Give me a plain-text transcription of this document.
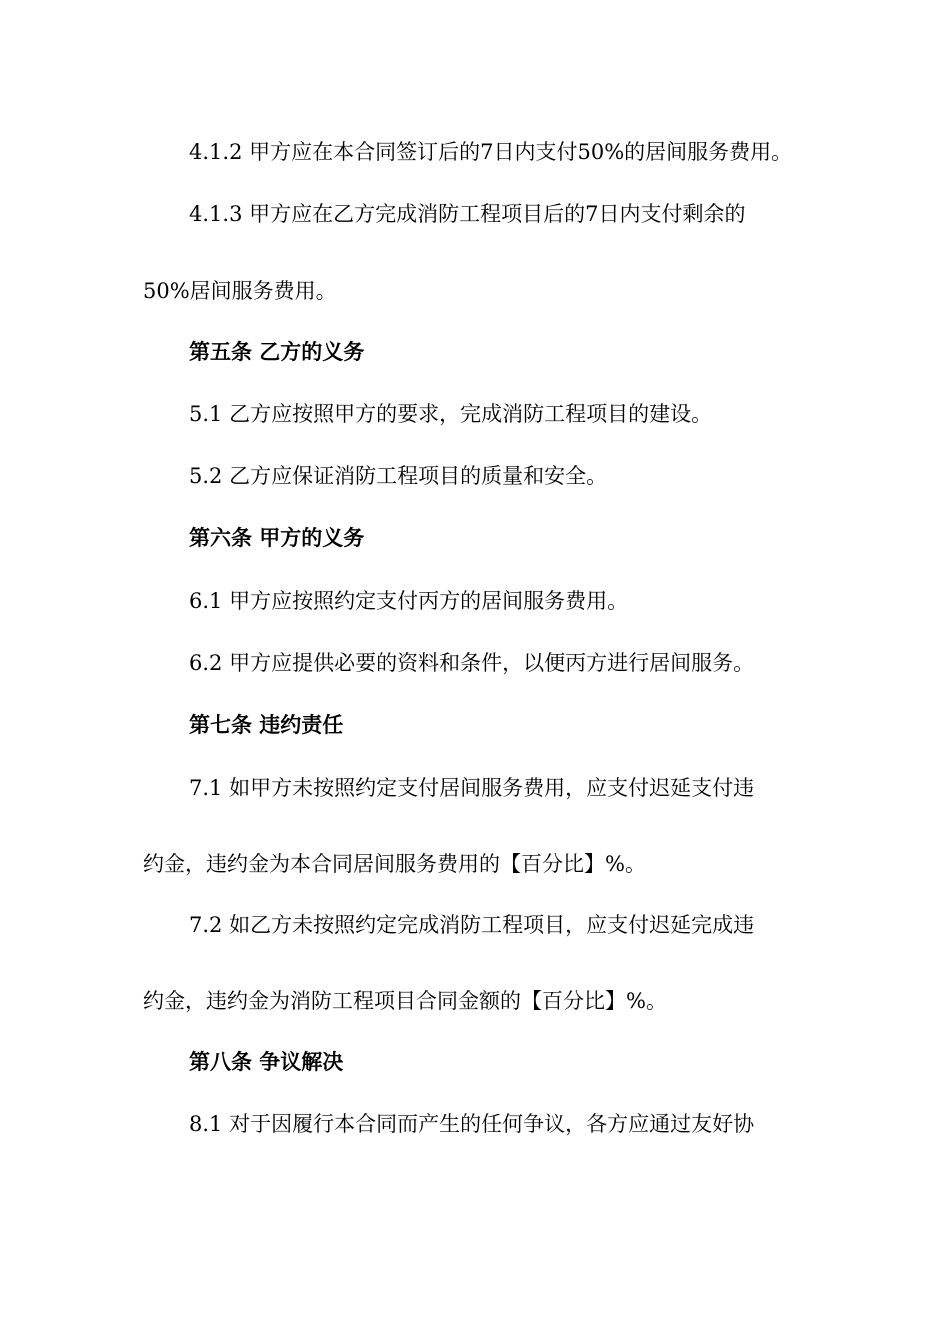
4.1.2 甲方应在本合同签订后的7日内支付50%的居间服务费用。
4.1.3 甲方应在乙方完成消防工程项目后的7日内支付剩余的
50%居间服务费用。
第五条 乙方的义务
5.1 乙方应按照甲方的要求，完成消防工程项目的建设。
5.2 乙方应保证消防工程项目的质量和安全。
第六条 甲方的义务
6.1 甲方应按照约定支付丙方的居间服务费用。
6.2 甲方应提供必要的资料和条件，以便丙方进行居间服务。
第七条 违约责任
7.1 如甲方未按照约定支付居间服务费用，应支付迟延支付违
约金，违约金为本合同居间服务费用的【百分比】%。
7.2 如乙方未按照约定完成消防工程项目，应支付迟延完成违
约金，违约金为消防工程项目合同金额的【百分比】%。
第八条 争议解决
8.1 对于因履行本合同而产生的任何争议，各方应通过友好协
